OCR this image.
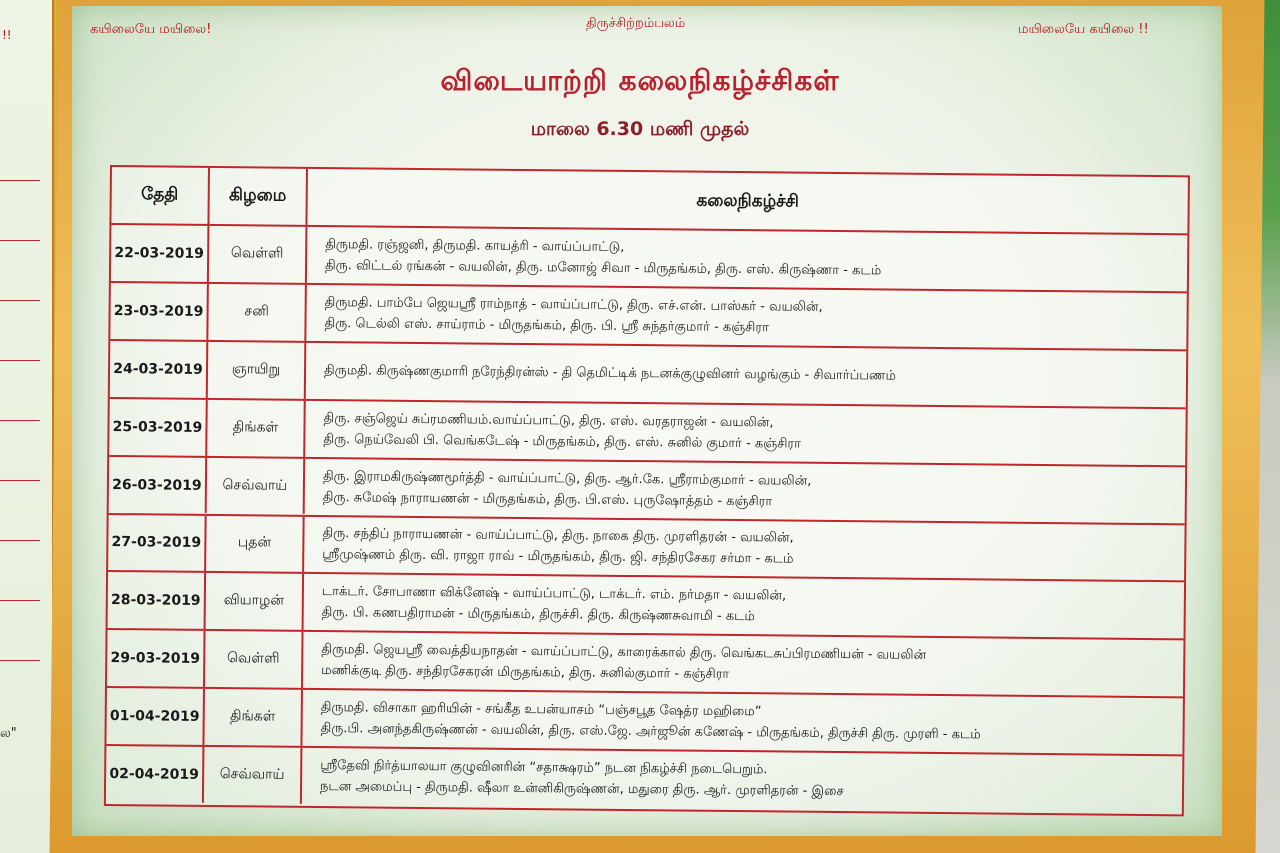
!!
ல"
கயிலையே மயிலை!	திருச்சிற்றம்பலம்	மயிலையே கயிலை !!
விடையாற்றி கலைநிகழ்ச்சிகள்
மாலை 6.30 மணி முதல்
தேதி	கிழமை	கலைநிகழ்ச்சி
22-03-2019	வெள்ளி	திருமதி. ரஞ்ஜனி, திருமதி. காயத்ரி - வாய்ப்பாட்டு,
திரு. விட்டல் ரங்கன் - வயலின், திரு. மனோஜ் சிவா - மிருதங்கம், திரு. எஸ். கிருஷ்ணா - கடம்
23-03-2019	சனி	திருமதி. பாம்பே ஜெயஸ்ரீ ராம்நாத் - வாய்ப்பாட்டு, திரு. எச்.என். பாஸ்கர் - வயலின்,
திரு. டெல்லி எஸ். சாய்ராம் - மிருதங்கம், திரு. பி. ஸ்ரீ சுந்தர்குமார் - கஞ்சிரா
24-03-2019	ஞாயிறு	திருமதி. கிருஷ்ணகுமாரி நரேந்திரன்ஸ் - தி தெமிட்டிக் நடனக்குழுவினர் வழங்கும் - சிவார்ப்பணம்
25-03-2019	திங்கள்	திரு. சஞ்ஜெய் சுப்ரமணியம்.வாய்ப்பாட்டு, திரு. எஸ். வரதராஜன் - வயலின்,
திரு. நெய்வேலி பி. வெங்கடேஷ் - மிருதங்கம், திரு. எஸ். சுனில் குமார் - கஞ்சிரா
26-03-2019	செவ்வாய்	திரு. இராமகிருஷ்ணமூர்த்தி - வாய்ப்பாட்டு, திரு. ஆர்.கே. ஸ்ரீராம்குமார் - வயலின்,
திரு. சுமேஷ் நாராயணன் - மிருதங்கம், திரு. பி.எஸ். புருஷோத்தம் - கஞ்சிரா
27-03-2019	புதன்	திரு. சந்திப் நாராயணன் - வாய்ப்பாட்டு, திரு. நாகை திரு. முரளிதரன் - வயலின்,
ஸ்ரீமுஷ்ணம் திரு. வி. ராஜா ராவ் - மிருதங்கம், திரு. ஜி. சந்திரசேகர சர்மா - கடம்
28-03-2019	வியாழன்	டாக்டர். சோபாணா விக்னேஷ் - வாய்ப்பாட்டு, டாக்டர். எம். நர்மதா - வயலின்,
திரு. பி. கணபதிராமன் - மிருதங்கம், திருச்சி. திரு. கிருஷ்ணசுவாமி - கடம்
29-03-2019	வெள்ளி	திருமதி. ஜெயஸ்ரீ வைத்தியநாதன் - வாய்ப்பாட்டு, காரைக்கால் திரு. வெங்கடசுப்பிரமணியன் - வயலின்
மணிக்குடி திரு. சந்திரசேகரன் மிருதங்கம், திரு. சுனில்குமார் - கஞ்சிரா
01-04-2019	திங்கள்	திருமதி. விசாகா ஹரியின் - சங்கீத உபன்யாசம் “பஞ்சபூத ஷேத்ர மஹிமை”
திரு.பி. அனந்தகிருஷ்ணன் - வயலின், திரு. எஸ்.ஜே. அர்ஜூன் கணேஷ் - மிருதங்கம், திருச்சி திரு. முரளி - கடம்
02-04-2019	செவ்வாய்	ஸ்ரீதேவி நிர்த்யாலயா குழுவினரின் “சதாக்ஷரம்” நடன நிகழ்ச்சி நடைபெறும்.
நடன அமைப்பு - திருமதி. ஷீலா உன்னிகிருஷ்ணன், மதுரை திரு. ஆர். முரளிதரன் - இசை
